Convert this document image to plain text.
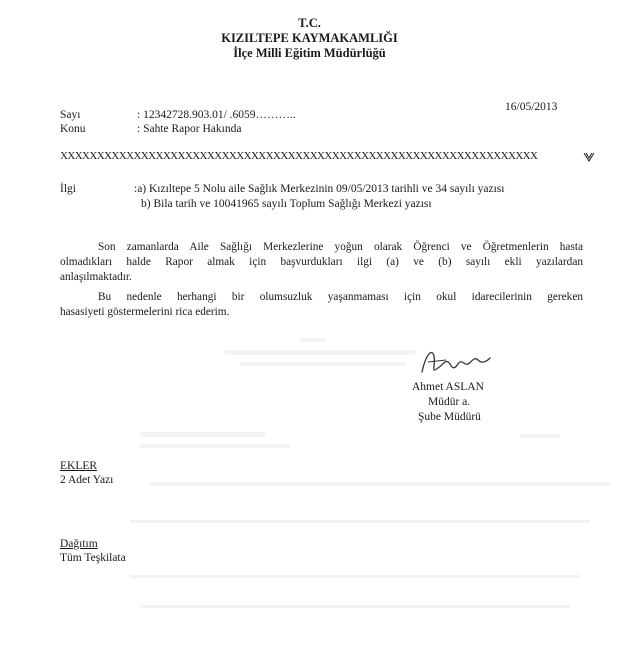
T.C.
KIZILTEPE KAYMAKAMLIĞI
İlçe Milli Eğitim Müdürlüğü
Sayı	: 12342728.903.01/ .6059………..
16/05/2013
Konu	: Sahte Rapor Hakında
XXXXXXXXXXXXXXXXXXXXXXXXXXXXXXXXXXXXXXXXXXXXXXXXXXXXXXXXXXXXXXXXX
İlgi	:a) Kızıltepe 5 Nolu aile Sağlık Merkezinin 09/05/2013 tarihli ve 34 sayılı yazısı
b) Bila tarih ve 10041965 sayılı Toplum Sağlığı Merkezi yazısı
Son zamanlarda Aile Sağlığı Merkezlerine yoğun olarak Öğrenci ve Öğretmenlerin hasta
olmadıkları halde Rapor almak için başvurdukları ilgi (a) ve (b) sayılı ekli yazılardan
anlaşılmaktadır.
Bu nedenle herhangi bir olumsuzluk yaşanmaması için okul idarecilerinin gereken
hasasiyeti göstermelerini rica ederim.
Ahmet ASLAN
Müdür a.
Şube Müdürü
EKLER
2 Adet Yazı
Dağıtım
Tüm Teşkilata
